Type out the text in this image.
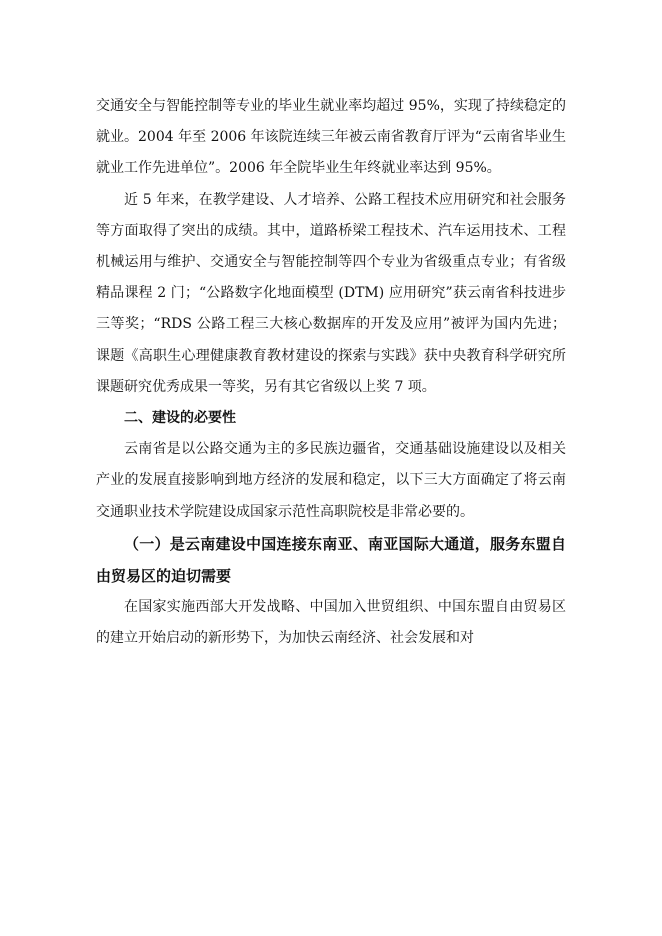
交通安全与智能控制等专业的毕业生就业率均超过 95%，实现了持续稳定的就业。2004 年至 2006 年该院连续三年被云南省教育厅评为“云南省毕业生就业工作先进单位”。2006 年全院毕业生年终就业率达到 95%。

近 5 年来，在教学建设、人才培养、公路工程技术应用研究和社会服务等方面取得了突出的成绩。其中，道路桥梁工程技术、汽车运用技术、工程机械运用与维护、交通安全与智能控制等四个专业为省级重点专业；有省级精品课程 2 门；“公路数字化地面模型 (DTM) 应用研究”获云南省科技进步三等奖；“RDS 公路工程三大核心数据库的开发及应用”被评为国内先进；课题《高职生心理健康教育教材建设的探索与实践》获中央教育科学研究所课题研究优秀成果一等奖，另有其它省级以上奖 7 项。

二、建设的必要性

云南省是以公路交通为主的多民族边疆省，交通基础设施建设以及相关产业的发展直接影响到地方经济的发展和稳定，以下三大方面确定了将云南交通职业技术学院建设成国家示范性高职院校是非常必要的。

（一）是云南建设中国连接东南亚、南亚国际大通道，服务东盟自由贸易区的迫切需要

在国家实施西部大开发战略、中国加入世贸组织、中国东盟自由贸易区的建立开始启动的新形势下，为加快云南经济、社会发展和对
